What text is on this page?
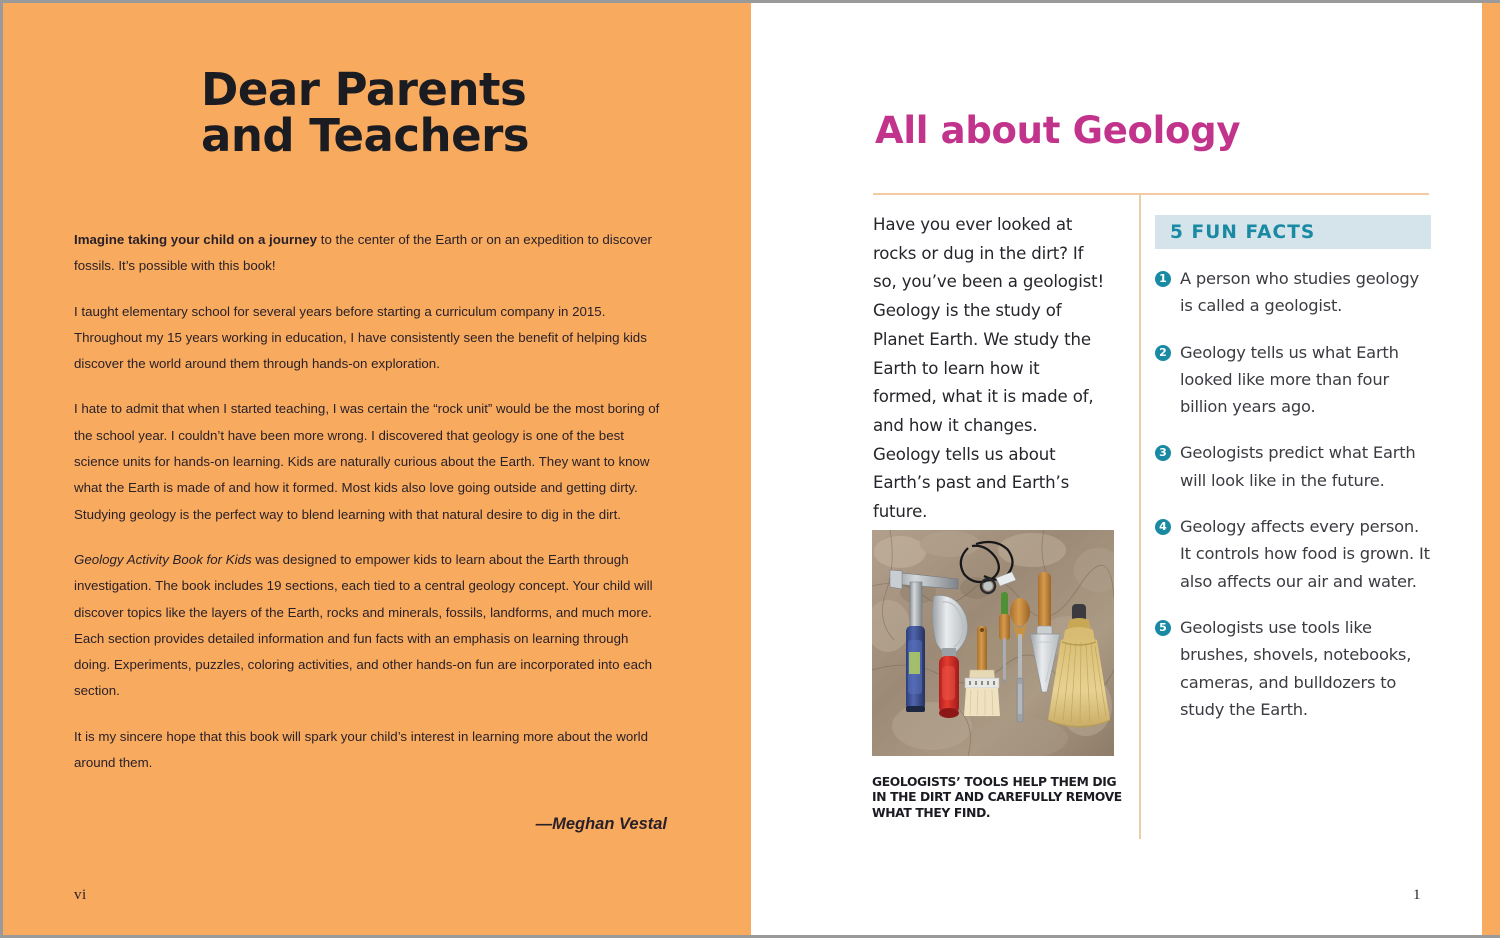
Dear Parents
and Teachers

Imagine taking your child on a journey to the center of the Earth or on an expedition to discover fossils. It’s possible with this book!

I taught elementary school for several years before starting a curriculum company in 2015. Throughout my 15 years working in education, I have consistently seen the benefit of helping kids discover the world around them through hands-on exploration.

I hate to admit that when I started teaching, I was certain the “rock unit” would be the most boring of the school year. I couldn’t have been more wrong. I discovered that geology is one of the best science units for hands-on learning. Kids are naturally curious about the Earth. They want to know what the Earth is made of and how it formed. Most kids also love going outside and getting dirty. Studying geology is the perfect way to blend learning with that natural desire to dig in the dirt.

Geology Activity Book for Kids was designed to empower kids to learn about the Earth through investigation. The book includes 19 sections, each tied to a central geology concept. Your child will discover topics like the layers of the Earth, rocks and minerals, fossils, landforms, and much more. Each section provides detailed information and fun facts with an emphasis on learning through doing. Experiments, puzzles, coloring activities, and other hands-on fun are incorporated into each section.

It is my sincere hope that this book will spark your child’s interest in learning more about the world around them.

—Meghan Vestal
vi
All about Geology

Have you ever looked at rocks or dug in the dirt? If so, you’ve been a geologist! Geology is the study of Planet Earth. We study the Earth to learn how it formed, what it is made of, and how it changes. Geology tells us about Earth’s past and Earth’s future.

GEOLOGISTS’ TOOLS HELP THEM DIG
IN THE DIRT AND CAREFULLY REMOVE
WHAT THEY FIND.
5 FUN FACTS
1 A person who studies geology is called a geologist.
2 Geology tells us what Earth looked like more than four billion years ago.
3 Geologists predict what Earth will look like in the future.
4 Geology affects every person. It controls how food is grown. It also affects our air and water.
5 Geologists use tools like brushes, shovels, notebooks, cameras, and bulldozers to study the Earth.
1
